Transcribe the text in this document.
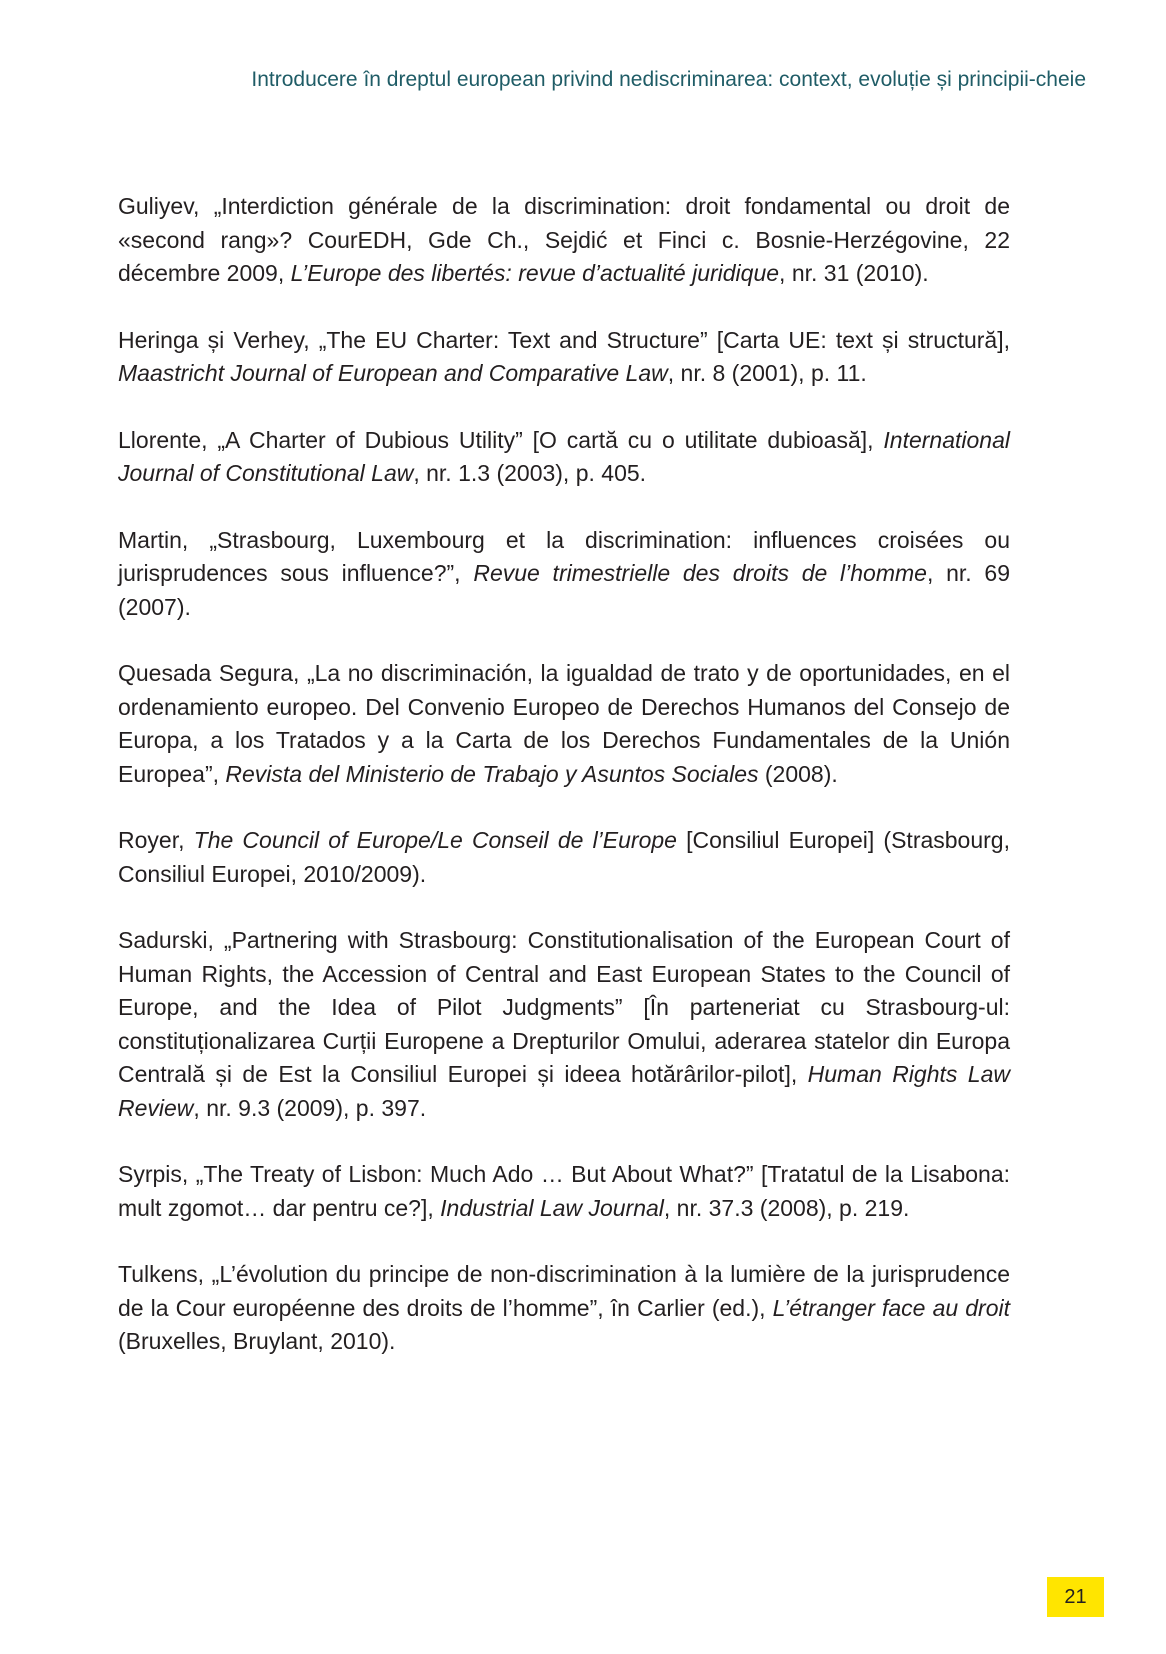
Introducere în dreptul european privind nediscriminarea: context, evoluție și principii-cheie

Guliyev, „Interdiction générale de la discrimination: droit fondamental ou droit de «second rang»? CourEDH, Gde Ch., Sejdić et Finci c. Bosnie-Herzégovine, 22 décembre 2009, L’Europe des libertés: revue d’actualité juridique, nr. 31 (2010).

Heringa și Verhey, „The EU Charter: Text and Structure” [Carta UE: text și structură], Maastricht Journal of European and Comparative Law, nr. 8 (2001), p. 11.

Llorente, „A Charter of Dubious Utility” [O cartă cu o utilitate dubioasă], International Journal of Constitutional Law, nr. 1.3 (2003), p. 405.

Martin, „Strasbourg, Luxembourg et la discrimination: influences croisées ou jurisprudences sous influence?”, Revue trimestrielle des droits de l’homme, nr. 69 (2007).

Quesada Segura, „La no discriminación, la igualdad de trato y de oportunidades, en el ordenamiento europeo. Del Convenio Europeo de Derechos Humanos del Consejo de Europa, a los Tratados y a la Carta de los Derechos Fundamentales de la Unión Europea”, Revista del Ministerio de Trabajo y Asuntos Sociales (2008).

Royer, The Council of Europe/Le Conseil de l’Europe [Consiliul Europei] (Strasbourg, Consiliul Europei, 2010/2009).

Sadurski, „Partnering with Strasbourg: Constitutionalisation of the European Court of Human Rights, the Accession of Central and East European States to the Council of Europe, and the Idea of Pilot Judgments” [În parteneriat cu Strasbourg-ul: constituționalizarea Curții Europene a Drepturilor Omului, aderarea statelor din Europa Centrală și de Est la Consiliul Europei și ideea hotărârilor-pilot], Human Rights Law Review, nr. 9.3 (2009), p. 397.

Syrpis, „The Treaty of Lisbon: Much Ado … But About What?” [Tratatul de la Lisabona: mult zgomot… dar pentru ce?], Industrial Law Journal, nr. 37.3 (2008), p. 219.

Tulkens, „L’évolution du principe de non-discrimination à la lumière de la jurisprudence de la Cour européenne des droits de l’homme”, în Carlier (ed.), L’étranger face au droit (Bruxelles, Bruylant, 2010).

21
